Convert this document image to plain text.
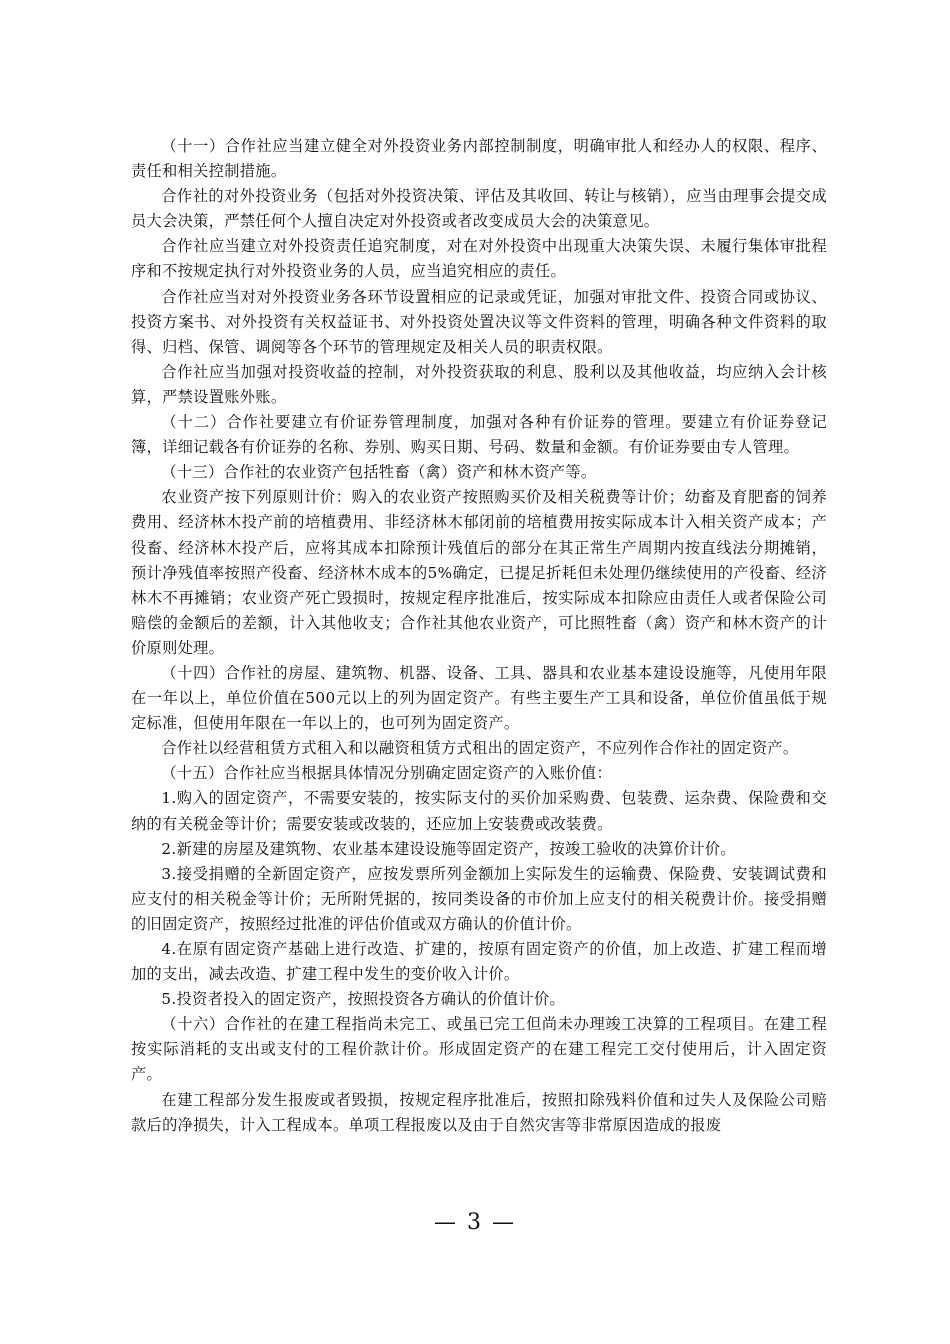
（十一）合作社应当建立健全对外投资业务内部控制制度，明确审批人和经办人的权限、程序、责任和相关控制措施。

合作社的对外投资业务（包括对外投资决策、评估及其收回、转让与核销），应当由理事会提交成员大会决策，严禁任何个人擅自决定对外投资或者改变成员大会的决策意见。

合作社应当建立对外投资责任追究制度，对在对外投资中出现重大决策失误、未履行集体审批程序和不按规定执行对外投资业务的人员，应当追究相应的责任。

合作社应当对对外投资业务各环节设置相应的记录或凭证，加强对审批文件、投资合同或协议、投资方案书、对外投资有关权益证书、对外投资处置决议等文件资料的管理，明确各种文件资料的取得、归档、保管、调阅等各个环节的管理规定及相关人员的职责权限。

合作社应当加强对投资收益的控制，对外投资获取的利息、股利以及其他收益，均应纳入会计核算，严禁设置账外账。

（十二）合作社要建立有价证券管理制度，加强对各种有价证券的管理。要建立有价证券登记簿，详细记载各有价证券的名称、券别、购买日期、号码、数量和金额。有价证券要由专人管理。

（十三）合作社的农业资产包括牲畜（禽）资产和林木资产等。

农业资产按下列原则计价：购入的农业资产按照购买价及相关税费等计价；幼畜及育肥畜的饲养费用、经济林木投产前的培植费用、非经济林木郁闭前的培植费用按实际成本计入相关资产成本；产役畜、经济林木投产后，应将其成本扣除预计残值后的部分在其正常生产周期内按直线法分期摊销，预计净残值率按照产役畜、经济林木成本的5%确定，已提足折耗但未处理仍继续使用的产役畜、经济林木不再摊销；农业资产死亡毁损时，按规定程序批准后，按实际成本扣除应由责任人或者保险公司赔偿的金额后的差额，计入其他收支；合作社其他农业资产，可比照牲畜（禽）资产和林木资产的计价原则处理。

（十四）合作社的房屋、建筑物、机器、设备、工具、器具和农业基本建设设施等，凡使用年限在一年以上，单位价值在500元以上的列为固定资产。有些主要生产工具和设备，单位价值虽低于规定标准，但使用年限在一年以上的，也可列为固定资产。

合作社以经营租赁方式租入和以融资租赁方式租出的固定资产，不应列作合作社的固定资产。

（十五）合作社应当根据具体情况分别确定固定资产的入账价值：

1.购入的固定资产，不需要安装的，按实际支付的买价加采购费、包装费、运杂费、保险费和交纳的有关税金等计价；需要安装或改装的，还应加上安装费或改装费。

2.新建的房屋及建筑物、农业基本建设设施等固定资产，按竣工验收的决算价计价。

3.接受捐赠的全新固定资产，应按发票所列金额加上实际发生的运输费、保险费、安装调试费和应支付的相关税金等计价；无所附凭据的，按同类设备的市价加上应支付的相关税费计价。接受捐赠的旧固定资产，按照经过批准的评估价值或双方确认的价值计价。

4.在原有固定资产基础上进行改造、扩建的，按原有固定资产的价值，加上改造、扩建工程而增加的支出，减去改造、扩建工程中发生的变价收入计价。

5.投资者投入的固定资产，按照投资各方确认的价值计价。

（十六）合作社的在建工程指尚未完工、或虽已完工但尚未办理竣工决算的工程项目。在建工程按实际消耗的支出或支付的工程价款计价。形成固定资产的在建工程完工交付使用后，计入固定资产。

在建工程部分发生报废或者毁损，按规定程序批准后，按照扣除残料价值和过失人及保险公司赔款后的净损失，计入工程成本。单项工程报废以及由于自然灾害等非常原因造成的报废

— 3 —
